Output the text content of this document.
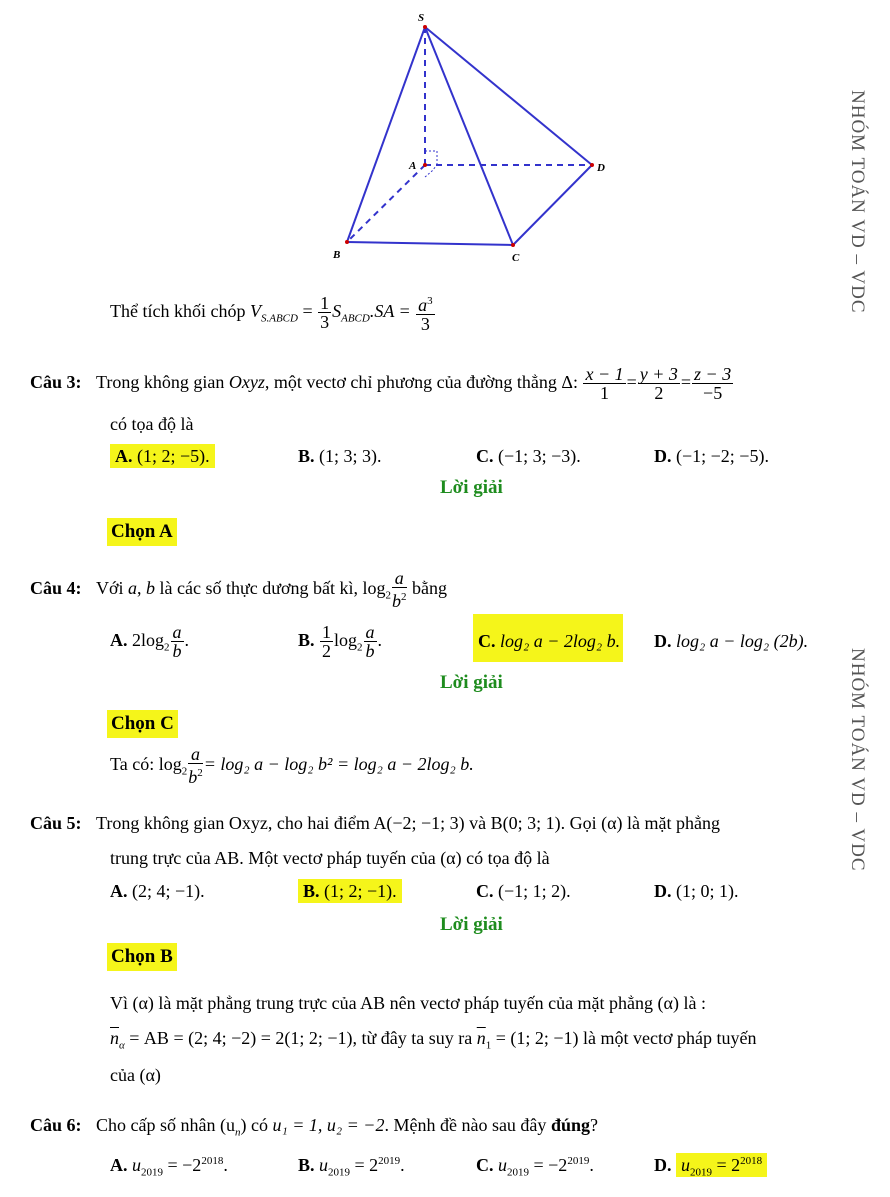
NHÓM TOÁN VD – VDC
NHÓM TOÁN VD – VDC
S
A
B	C
D
Thể tích khối chóp $V_{S.ABCD} = \frac{1}{3} S_{ABCD}.SA = \frac{a^3}{3}$
Câu 3: Trong không gian Oxyz, một vectơ chỉ phương của đường thẳng Δ: $\frac{x - 1}{1} = \frac{y + 3}{2} = \frac{z - 3}{-5}$
có tọa độ là
A. (1; 2; −5).	B. (1; 3; 3).	C. (−1; 3; −3).	D. (−1; −2; −5).
Lời giải
Chọn A
Câu 4: Với a, b là các số thực dương bất kì, $\log_2 \frac{a}{b^2}$ bằng
A. $2\log_2 \frac{a}{b}$ .	B. $\frac{1}{2} \log_2 \frac{a}{b}$ .	C. log₂ a − 2log₂ b. D. log₂ a − log₂ (2b).
Lời giải
Chọn C
Ta có: $\log_2 \frac{a}{b^2} = \log_2$ a − log₂ b² = log₂ a − 2log₂ b.
Câu 5: Trong không gian Oxyz, cho hai điểm A(−2; −1; 3) và B(0; 3; 1). Gọi (α) là mặt phẳng
trung trực của AB. Một vectơ pháp tuyến của (α) có tọa độ là
A. (2; 4; −1).	B. (1; 2; −1).	C. (−1; 1; 2).	D. (1; 0; 1).
Lời giải
Chọn B
Vì (α) là mặt phẳng trung trực của AB nên vectơ pháp tuyến của mặt phẳng (α) là :
$\overline{n}_\alpha$ = AB = (2; 4; −2) = 2(1; 2; −1), từ đây ta suy ra $\overline{n}_1 = (1$; 2; −1) là một vectơ pháp tuyến
của (α)
Câu 6: Cho cấp số nhân $(u_n)$ có u₁ = 1, u₂ = −2. Mệnh đề nào sau đây đúng?
A. $u_{2019} = -2^{2018}$.	B. $u_{2019} = 2^{2019}$.	C. $u_{2019} = -2^{2019}$.	D. $u_{2019} = 2^{2018}$
